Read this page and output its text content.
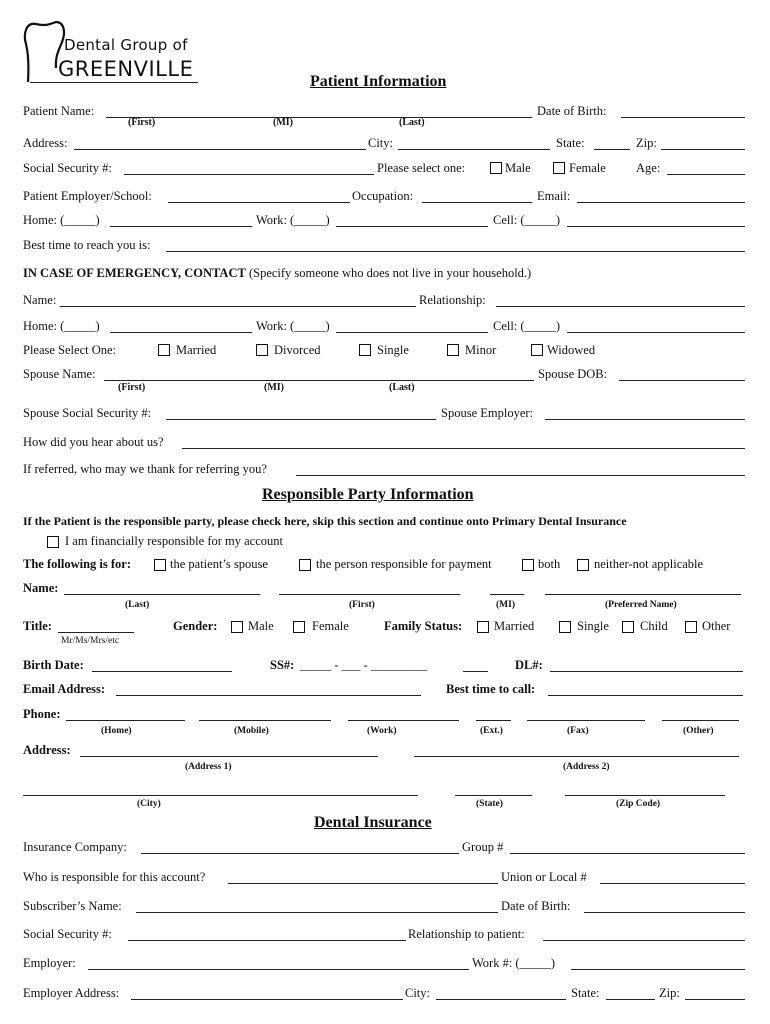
Dental Group of
GREENVILLE
Patient Information
Patient Name:	Date of Birth:
(First)	(MI)	(Last)
Address:	City:	State:	Zip:
Social Security #:	Please select one:	Male	Female Age:
Patient Employer/School:	Occupation:	Email:
Home: (_____)	Work: (_____)	Cell: (_____)
Best time to reach you is:
IN CASE OF EMERGENCY, CONTACT (Specify someone who does not live in your household.)
Name:	Relationship:
Home: (_____)	Work: (_____)	Cell: (_____)
Please Select One:	Married	Divorced	Single	Minor	Widowed
Spouse Name:	Spouse DOB:
(First)	(MI)	(Last)
Spouse Social Security #:	Spouse Employer:
How did you hear about us?
If referred, who may we thank for referring you?
Responsible Party Information
If the Patient is the responsible party, please check here, skip this section and continue onto Primary Dental Insurance
I am financially responsible for my account
The following is for:	the patient’s spouse	the person responsible for payment	both	neither-not applicable
Name:
(Last)	(First)	(MI)	(Preferred Name)
Title:
Mr/Ms/Mrs/etc
Gender: Male	Female	Family Status:	Married	Single Child	Other
Birth Date:	SS#: _____ - ___ - _________	DL#:
Email Address:	Best time to call:
Phone:
(Home)	(Mobile)	(Work)	(Ext.)	(Fax)	(Other)
Address:
(Address 1)	(Address 2)
(City)	(State)	(Zip Code)
Dental Insurance
Insurance Company:	Group #
Who is responsible for this account?	Union or Local #
Subscriber’s Name:	Date of Birth:
Social Security #:	Relationship to patient:
Employer:	Work #: (_____)
Employer Address:	City:	State:	Zip:
